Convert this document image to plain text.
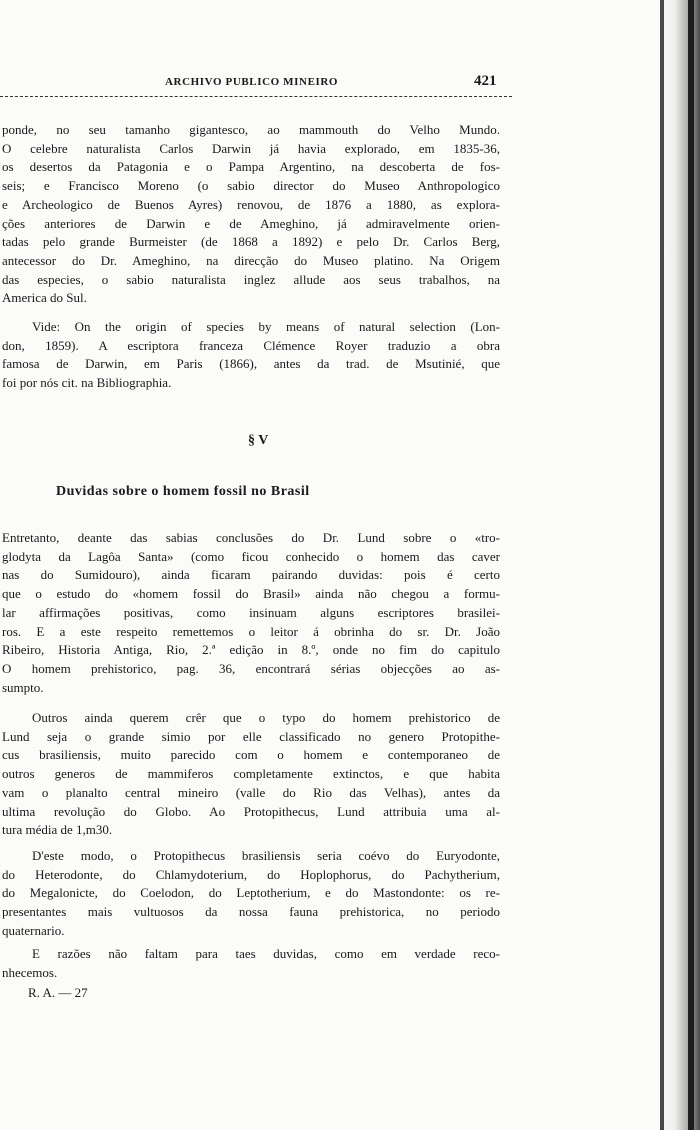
ARCHIVO PUBLICO MINEIRO	421
ponde, no seu tamanho gigantesco, ao mammouth do Velho Mundo.
O celebre naturalista Carlos Darwin já havia explorado, em 1835-36,
os desertos da Patagonia e o Pampa Argentino, na descoberta de fos-
seis; e Francisco Moreno (o sabio director do Museo Anthropologico
e Archeologico de Buenos Ayres) renovou, de 1876 a 1880, as explora-
ções anteriores de Darwin e de Ameghino, já admiravelmente orien-
tadas pelo grande Burmeister (de 1868 a 1892) e pelo Dr. Carlos Berg,
antecessor do Dr. Ameghino, na direcção do Museo platino. Na Origem
das especies, o sabio naturalista inglez allude aos seus trabalhos, na
America do Sul.
Vide: On the origin of species by means of natural selection (Lon-
don, 1859). A escriptora franceza Clémence Royer traduzio a obra
famosa de Darwin, em Paris (1866), antes da trad. de Msutinié, que
foi por nós cit. na Bibliographia.
§ V
Duvidas sobre o homem fossil no Brasil
Entretanto, deante das sabias conclusões do Dr. Lund sobre o «tro-
glodyta da Lagôa Santa» (como ficou conhecido o homem das caver
nas do Sumidouro), ainda ficaram pairando duvidas: pois é certo
que o estudo do «homem fossil do Brasil» ainda não chegou a formu-
lar affirmações positivas, como insinuam alguns escriptores brasilei-
ros. E a este respeito remettemos o leitor á obrinha do sr. Dr. João
Ribeiro, Historia Antiga, Rio, 2.ª edição in 8.º, onde no fim do capitulo
O homem prehistorico, pag. 36, encontrará sérias objecções ao as-
sumpto.
Outros ainda querem crêr que o typo do homem prehistorico de
Lund seja o grande simio por elle classificado no genero Protopithe-
cus brasiliensis, muito parecido com o homem e contemporaneo de
outros generos de mammiferos completamente extinctos, e que habita
vam o planalto central mineiro (valle do Rio das Velhas), antes da
ultima revolução do Globo. Ao Protopithecus, Lund attribuia uma al-
tura média de 1,m30.
D'este modo, o Protopithecus brasiliensis seria coévo do Euryodonte,
do Heterodonte, do Chlamydoterium, do Hoplophorus, do Pachytherium,
do Megalonicte, do Coelodon, do Leptotherium, e do Mastondonte: os re-
presentantes mais vultuosos da nossa fauna prehistorica, no periodo
quaternario.
E razões não faltam para taes duvidas, como em verdade reco-
nhecemos.
R. A. — 27
